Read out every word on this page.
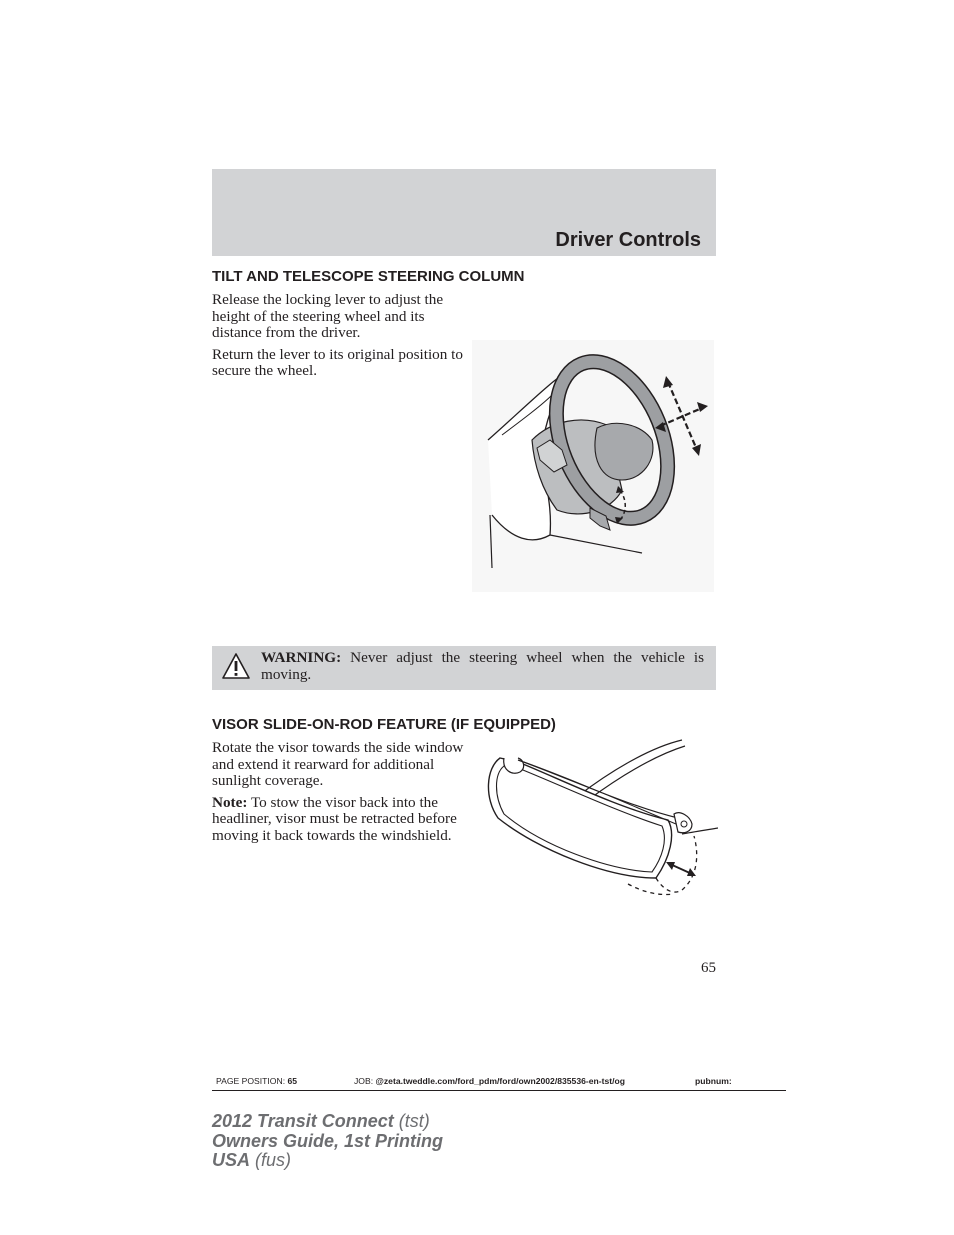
Driver Controls
TILT AND TELESCOPE STEERING COLUMN

Release the locking lever to adjust the height of the steering wheel and its distance from the driver.

Return the lever to its original position to secure the wheel.

WARNING: Never adjust the steering wheel when the vehicle is moving.
VISOR SLIDE-ON-ROD FEATURE (IF EQUIPPED)

Rotate the visor towards the side window and extend it rearward for additional sunlight coverage.

Note: To stow the visor back into the headliner, visor must be retracted before moving it back towards the windshield.

65
PAGE POSITION: 65	JOB: @zeta.tweddle.com/ford_pdm/ford/own2002/835536-en-tst/og	pubnum:
2012 Transit Connect (tst)
Owners Guide, 1st Printing
USA (fus)
